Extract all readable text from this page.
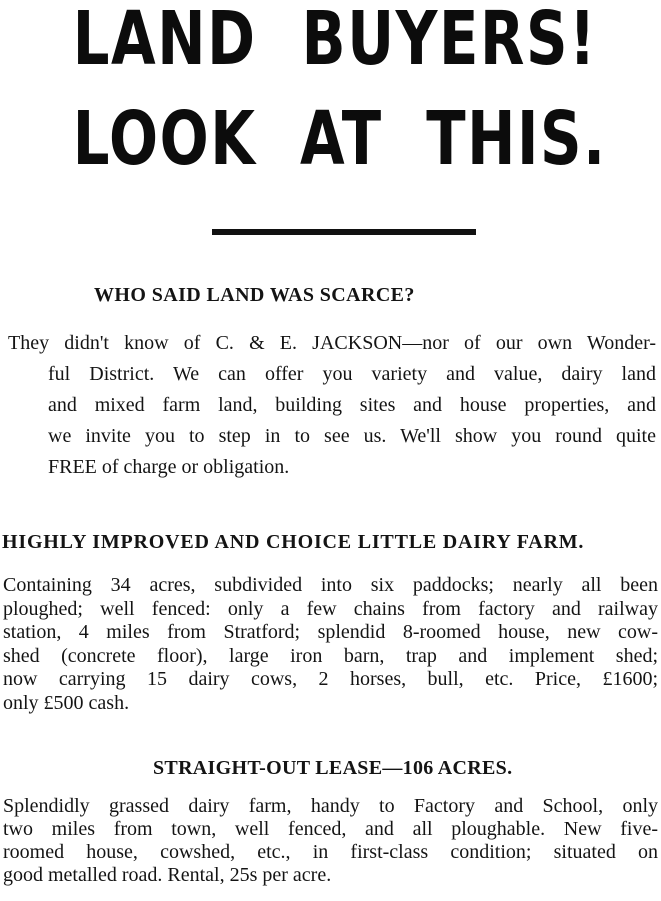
LAND BUYERS!
LOOK AT THIS.
WHO SAID LAND WAS SCARCE?

They didn't know of C. & E. JACKSON—nor of our own Wonder-
ful District. We can offer you variety and value, dairy land
and mixed farm land, building sites and house properties, and
we invite you to step in to see us. We'll show you round quite
FREE of charge or obligation.

HIGHLY IMPROVED AND CHOICE LITTLE DAIRY FARM.

Containing 34 acres, subdivided into six paddocks; nearly all been
ploughed; well fenced: only a few chains from factory and railway
station, 4 miles from Stratford; splendid 8-roomed house, new cow-
shed (concrete floor), large iron barn, trap and implement shed;
now carrying 15 dairy cows, 2 horses, bull, etc. Price, £1600;
only £500 cash.

STRAIGHT-OUT LEASE—106 ACRES.

Splendidly grassed dairy farm, handy to Factory and School, only
two miles from town, well fenced, and all ploughable. New five-
roomed house, cowshed, etc., in first-class condition; situated on
good metalled road. Rental, 25s per acre.
